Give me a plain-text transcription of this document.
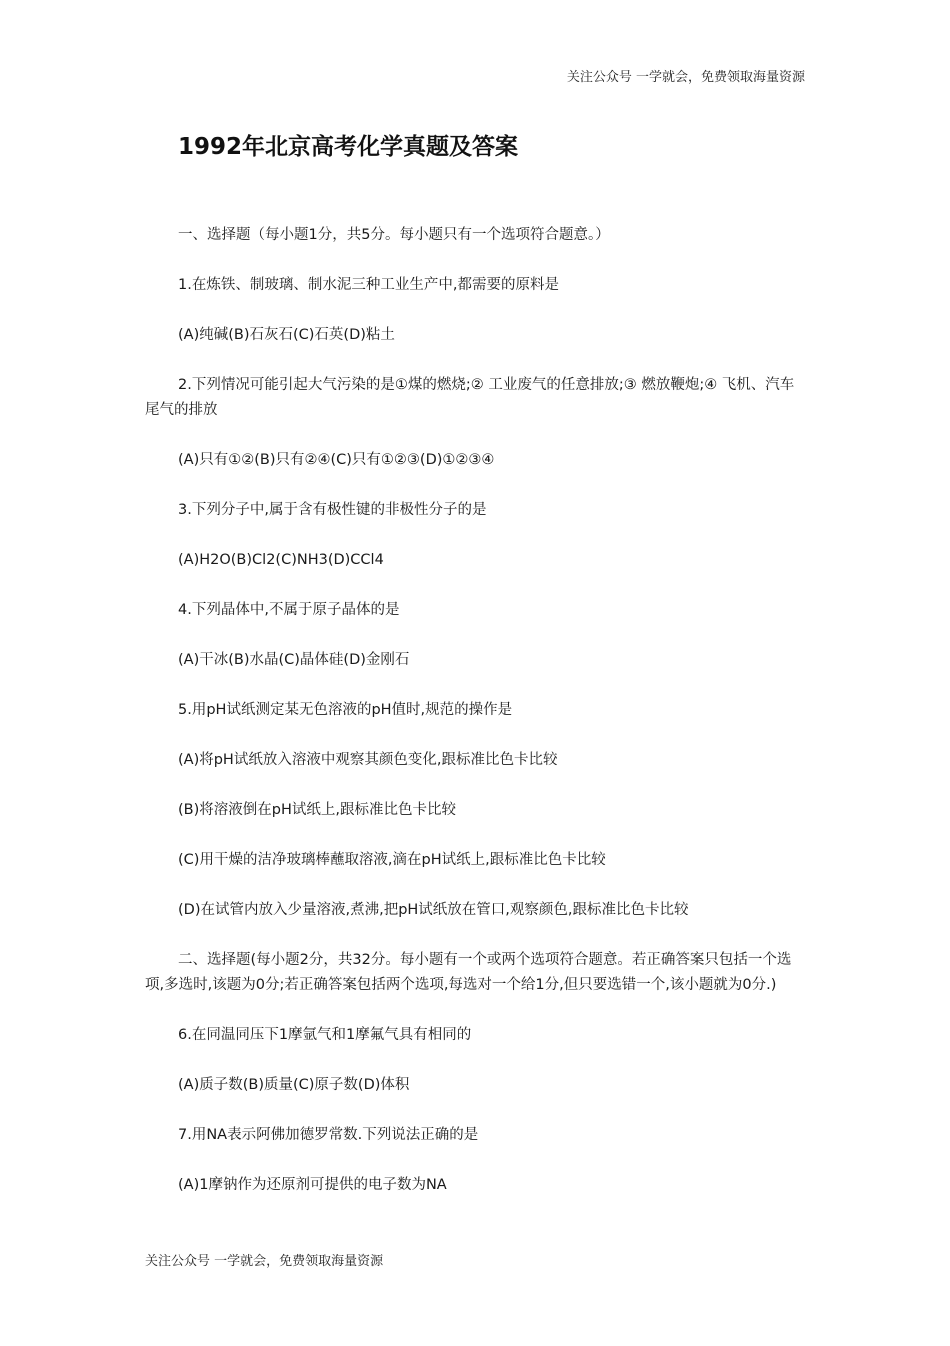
关注公众号 一学就会，免费领取海量资源
1992年北京高考化学真题及答案

一、选择题（每小题1分，共5分。每小题只有一个选项符合题意。）

1.在炼铁、制玻璃、制水泥三种工业生产中,都需要的原料是

(A)纯碱(B)石灰石(C)石英(D)粘土

2.下列情况可能引起大气污染的是①煤的燃烧;② 工业废气的任意排放;③ 燃放鞭炮;④ 飞机、汽车尾气的排放

(A)只有①②(B)只有②④(C)只有①②③(D)①②③④

3.下列分子中,属于含有极性键的非极性分子的是

(A)H2O(B)Cl2(C)NH3(D)CCl4

4.下列晶体中,不属于原子晶体的是

(A)干冰(B)水晶(C)晶体硅(D)金刚石

5.用pH试纸测定某无色溶液的pH值时,规范的操作是

(A)将pH试纸放入溶液中观察其颜色变化,跟标准比色卡比较

(B)将溶液倒在pH试纸上,跟标准比色卡比较

(C)用干燥的洁净玻璃棒蘸取溶液,滴在pH试纸上,跟标准比色卡比较

(D)在试管内放入少量溶液,煮沸,把pH试纸放在管口,观察颜色,跟标准比色卡比较

二、选择题(每小题2分，共32分。每小题有一个或两个选项符合题意。若正确答案只包括一个选项,多选时,该题为0分;若正确答案包括两个选项,每选对一个给1分,但只要选错一个,该小题就为0分.)

6.在同温同压下1摩氩气和1摩氟气具有相同的

(A)质子数(B)质量(C)原子数(D)体积

7.用NA表示阿佛加德罗常数.下列说法正确的是

(A)1摩钠作为还原剂可提供的电子数为NA

关注公众号 一学就会，免费领取海量资源
